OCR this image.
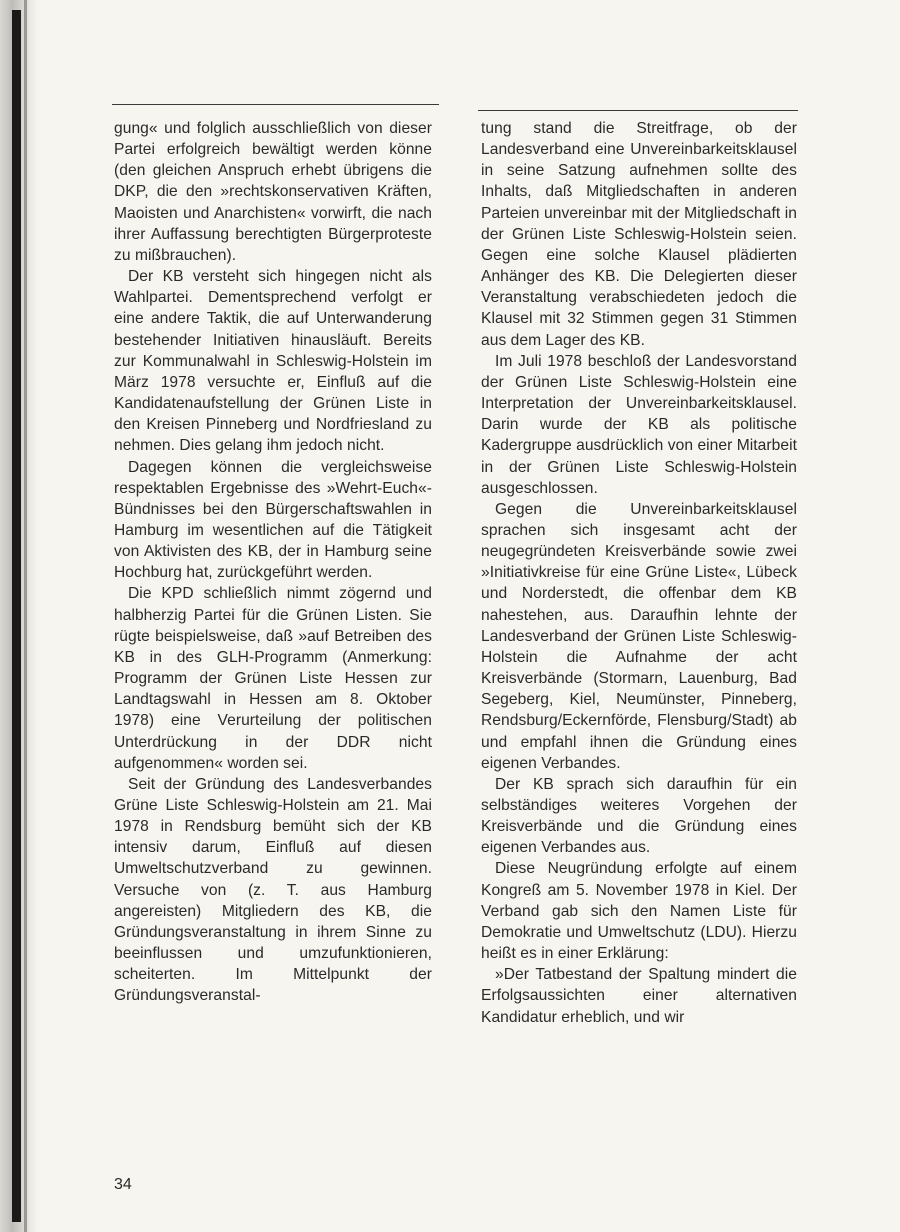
gung« und folglich ausschließlich von dieser Partei erfolgreich bewältigt werden könne (den gleichen Anspruch erhebt übrigens die DKP, die den »rechtskonservativen Kräften, Maoisten und Anarchisten« vorwirft, die nach ihrer Auffassung berechtigten Bürgerproteste zu mißbrauchen).

Der KB versteht sich hingegen nicht als Wahlpartei. Dementsprechend verfolgt er eine andere Taktik, die auf Unterwanderung bestehender Initiativen hinausläuft. Bereits zur Kommunalwahl in Schleswig-Holstein im März 1978 versuchte er, Einfluß auf die Kandidatenaufstellung der Grünen Liste in den Kreisen Pinneberg und Nordfriesland zu nehmen. Dies gelang ihm jedoch nicht.

Dagegen können die vergleichsweise respektablen Ergebnisse des »Wehrt-Euch«-Bündnisses bei den Bürgerschaftswahlen in Hamburg im wesentlichen auf die Tätigkeit von Aktivisten des KB, der in Hamburg seine Hochburg hat, zurückgeführt werden.

Die KPD schließlich nimmt zögernd und halbherzig Partei für die Grünen Listen. Sie rügte beispielsweise, daß »auf Betreiben des KB in des GLH-Programm (Anmerkung: Programm der Grünen Liste Hessen zur Landtagswahl in Hessen am 8. Oktober 1978) eine Verurteilung der politischen Unterdrückung in der DDR nicht aufgenommen« worden sei.

Seit der Gründung des Landesverbandes Grüne Liste Schleswig-Holstein am 21. Mai 1978 in Rendsburg bemüht sich der KB intensiv darum, Einfluß auf diesen Umweltschutzverband zu gewinnen. Versuche von (z. T. aus Hamburg angereisten) Mitgliedern des KB, die Gründungsveranstaltung in ihrem Sinne zu beeinflussen und umzufunktionieren, scheiterten. Im Mittelpunkt der Gründungsveranstal-

tung stand die Streitfrage, ob der Landesverband eine Unvereinbarkeitsklausel in seine Satzung aufnehmen sollte des Inhalts, daß Mitgliedschaften in anderen Parteien unvereinbar mit der Mitgliedschaft in der Grünen Liste Schleswig-Holstein seien. Gegen eine solche Klausel plädierten Anhänger des KB. Die Delegierten dieser Veranstaltung verabschiedeten jedoch die Klausel mit 32 Stimmen gegen 31 Stimmen aus dem Lager des KB.

Im Juli 1978 beschloß der Landesvorstand der Grünen Liste Schleswig-Holstein eine Interpretation der Unvereinbarkeitsklausel. Darin wurde der KB als politische Kadergruppe ausdrücklich von einer Mitarbeit in der Grünen Liste Schleswig-Holstein ausgeschlossen.

Gegen die Unvereinbarkeitsklausel sprachen sich insgesamt acht der neugegründeten Kreisverbände sowie zwei »Initiativkreise für eine Grüne Liste«, Lübeck und Norderstedt, die offenbar dem KB nahestehen, aus. Daraufhin lehnte der Landesverband der Grünen Liste Schleswig-Holstein die Aufnahme der acht Kreisverbände (Stormarn, Lauenburg, Bad Segeberg, Kiel, Neumünster, Pinneberg, Rendsburg/Eckernförde, Flensburg/Stadt) ab und empfahl ihnen die Gründung eines eigenen Verbandes.

Der KB sprach sich daraufhin für ein selbständiges weiteres Vorgehen der Kreisverbände und die Gründung eines eigenen Verbandes aus.

Diese Neugründung erfolgte auf einem Kongreß am 5. November 1978 in Kiel. Der Verband gab sich den Namen Liste für Demokratie und Umweltschutz (LDU). Hierzu heißt es in einer Erklärung:

»Der Tatbestand der Spaltung mindert die Erfolgsaussichten einer alternativen Kandidatur erheblich, und wir

34
